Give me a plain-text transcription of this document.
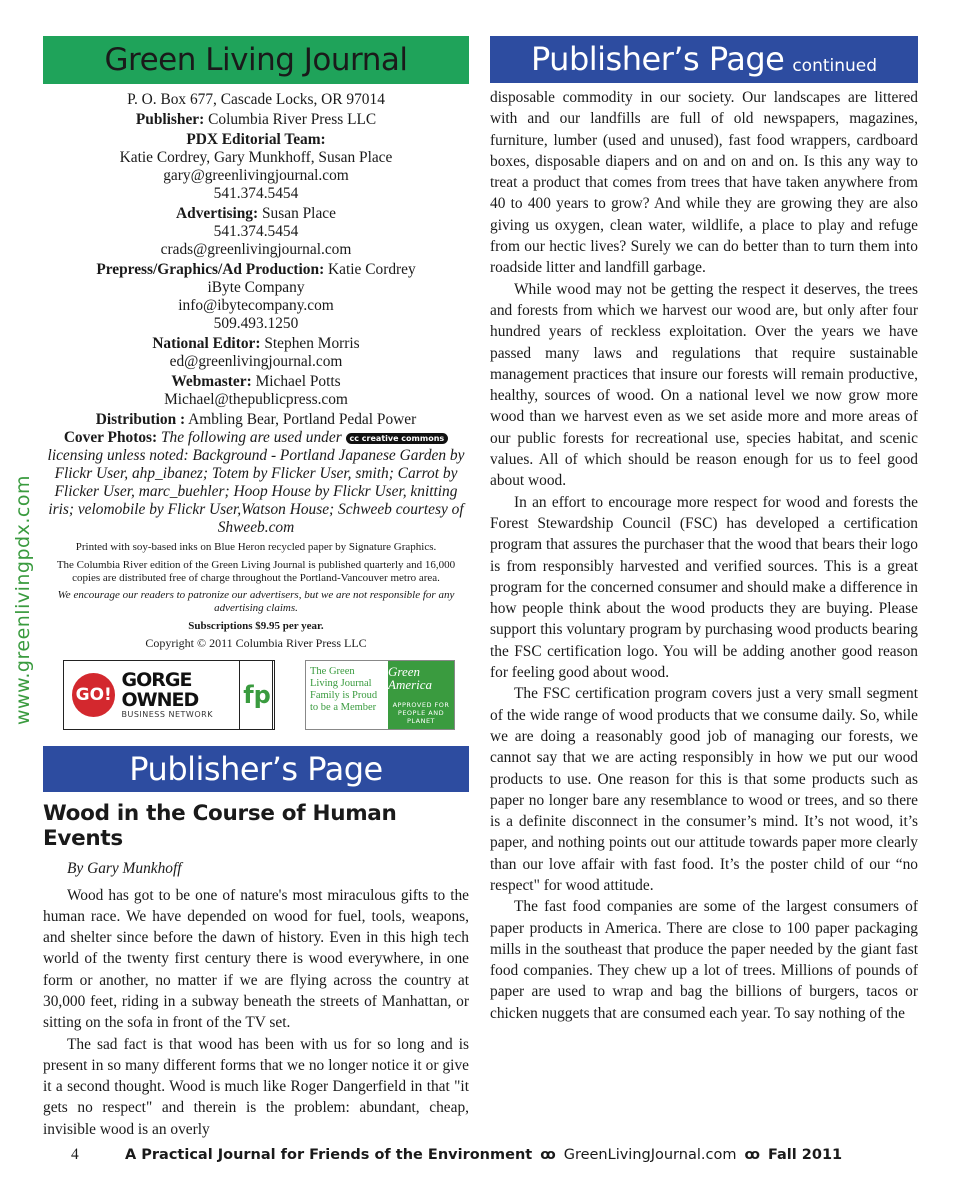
www.greenlivingpdx.com
Green Living Journal
P. O. Box 677, Cascade Locks, OR 97014
Publisher: Columbia River Press LLC
PDX Editorial Team:
Katie Cordrey, Gary Munkhoff, Susan Place
gary@greenlivingjournal.com
541.374.5454
Advertising: Susan Place
541.374.5454
crads@greenlivingjournal.com
Prepress/Graphics/Ad Production: Katie Cordrey
iByte Company
info@ibytecompany.com
509.493.1250
National Editor: Stephen Morris
ed@greenlivingjournal.com
Webmaster: Michael Potts
Michael@thepublicpress.com
Distribution : Ambling Bear, Portland Pedal Power
Cover Photos: The following are used under cc creative commons licensing unless noted: Background - Portland Japanese Garden by Flickr User, ahp_ibanez; Totem by Flicker User, smith; Carrot by Flicker User, marc_buehler; Hoop House by Flickr User, knitting iris; velomobile by Flickr User,Watson House; Schweeb courtesy of Shweeb.com
Printed with soy-based inks on Blue Heron recycled paper by Signature Graphics.
The Columbia River edition of the Green Living Journal is published quarterly and 16,000 copies are distributed free of charge throughout the Portland-Vancouver metro area.
We encourage our readers to patronize our advertisers, but we are not responsible for any advertising claims.
Subscriptions $9.95 per year.
Copyright © 2011 Columbia River Press LLC
GO!
GORGE OWNED
BUSINESS NETWORK
fp
The Green Living Journal Family is Proud to be a Member
Green America
APPROVED FOR PEOPLE AND PLANET
Publisher’s Page
Wood in the Course of Human Events
By Gary Munkhoff

Wood has got to be one of nature's most miraculous gifts to the human race. We have depended on wood for fuel, tools, weapons, and shelter since before the dawn of history. Even in this high tech world of the twenty first century there is wood everywhere, in one form or another, no matter if we are flying across the country at 30,000 feet, riding in a subway beneath the streets of Manhattan, or sitting on the sofa in front of the TV set.

The sad fact is that wood has been with us for so long and is present in so many different forms that we no longer notice it or give it a second thought. Wood is much like Roger Dangerfield in that "it gets no respect" and therein is the problem: abundant, cheap, invisible wood is an overly

Publisher’s Page continued

disposable commodity in our society. Our landscapes are littered with and our landfills are full of old newspapers, magazines, furniture, lumber (used and unused), fast food wrappers, cardboard boxes, disposable diapers and on and on and on. Is this any way to treat a product that comes from trees that have taken anywhere from 40 to 400 years to grow? And while they are growing they are also giving us oxygen, clean water, wildlife, a place to play and refuge from our hectic lives? Surely we can do better than to turn them into roadside litter and landfill garbage.

While wood may not be getting the respect it deserves, the trees and forests from which we harvest our wood are, but only after four hundred years of reckless exploitation. Over the years we have passed many laws and regulations that require sustainable management practices that insure our forests will remain productive, healthy, sources of wood. On a national level we now grow more wood than we harvest even as we set aside more and more areas of our public forests for recreational use, species habitat, and scenic values. All of which should be reason enough for us to feel good about wood.

In an effort to encourage more respect for wood and forests the Forest Stewardship Council (FSC) has developed a certification program that assures the purchaser that the wood that bears their logo is from responsibly harvested and verified sources. This is a great program for the concerned consumer and should make a difference in how people think about the wood products they are buying. Please support this voluntary program by purchasing wood products bearing the FSC certification logo. You will be adding another good reason for feeling good about wood.

The FSC certification program covers just a very small segment of the wide range of wood products that we consume daily. So, while we are doing a reasonably good job of managing our forests, we cannot say that we are acting responsibly in how we put our wood products to use. One reason for this is that some products such as paper no longer bare any resemblance to wood or trees, and so there is a definite disconnect in the consumer’s mind. It’s not wood, it’s paper, and nothing points out our attitude towards paper more clearly than our love affair with fast food. It’s the poster child of our “no respect" for wood attitude.

The fast food companies are some of the largest consumers of paper products in America. There are close to 100 paper packaging mills in the southeast that produce the paper needed by the giant fast food companies. They chew up a lot of trees. Millions of pounds of paper are used to wrap and bag the billions of burgers, tacos or chicken nuggets that are consumed each year. To say nothing of the

4	A Practical Journal for Friends of the Environment ꝏ GreenLivingJournal.com ꝏ Fall 2011
